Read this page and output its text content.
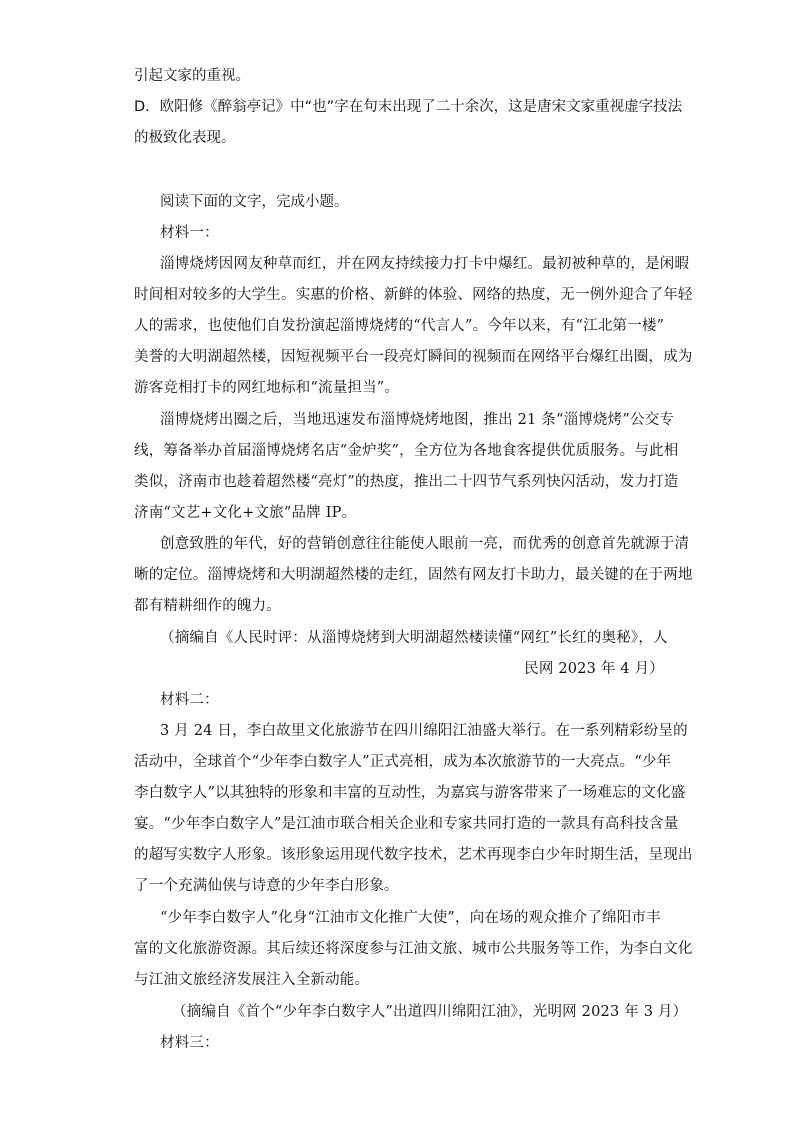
引起文家的重视。
D．欧阳修《醉翁亭记》中“也”字在句末出现了二十余次，这是唐宋文家重视虚字技法
的极致化表现。
阅读下面的文字，完成小题。
材料一：
淄博烧烤因网友种草而红，并在网友持续接力打卡中爆红。最初被种草的，是闲暇
时间相对较多的大学生。实惠的价格、新鲜的体验、网络的热度，无一例外迎合了年轻
人的需求，也使他们自发扮演起淄博烧烤的“代言人”。今年以来，有“江北第一楼”
美誉的大明湖超然楼，因短视频平台一段亮灯瞬间的视频而在网络平台爆红出圈，成为
游客竞相打卡的网红地标和“流量担当”。
淄博烧烤出圈之后，当地迅速发布淄博烧烤地图，推出 21 条“淄博烧烤”公交专
线，筹备举办首届淄博烧烤名店“金炉奖”，全方位为各地食客提供优质服务。与此相
类似，济南市也趁着超然楼“亮灯”的热度，推出二十四节气系列快闪活动，发力打造
济南“文艺+文化+文旅”品牌 IP。
创意致胜的年代，好的营销创意往往能使人眼前一亮，而优秀的创意首先就源于清
晰的定位。淄博烧烤和大明湖超然楼的走红，固然有网友打卡助力，最关键的在于两地
都有精耕细作的魄力。
（摘编自《人民时评：从淄博烧烤到大明湖超然楼读懂“网红”长红的奥秘》，人
民网 2023 年 4 月）
材料二：
3 月 24 日，李白故里文化旅游节在四川绵阳江油盛大举行。在一系列精彩纷呈的
活动中，全球首个“少年李白数字人”正式亮相，成为本次旅游节的一大亮点。“少年
李白数字人”以其独特的形象和丰富的互动性，为嘉宾与游客带来了一场难忘的文化盛
宴。“少年李白数字人”是江油市联合相关企业和专家共同打造的一款具有高科技含量
的超写实数字人形象。该形象运用现代数字技术，艺术再现李白少年时期生活，呈现出
了一个充满仙侠与诗意的少年李白形象。
“少年李白数字人”化身“江油市文化推广大使”，向在场的观众推介了绵阳市丰
富的文化旅游资源。其后续还将深度参与江油文旅、城市公共服务等工作，为李白文化
与江油文旅经济发展注入全新动能。
（摘编自《首个“少年李白数字人”出道四川绵阳江油》，光明网 2023 年 3 月）
材料三：
